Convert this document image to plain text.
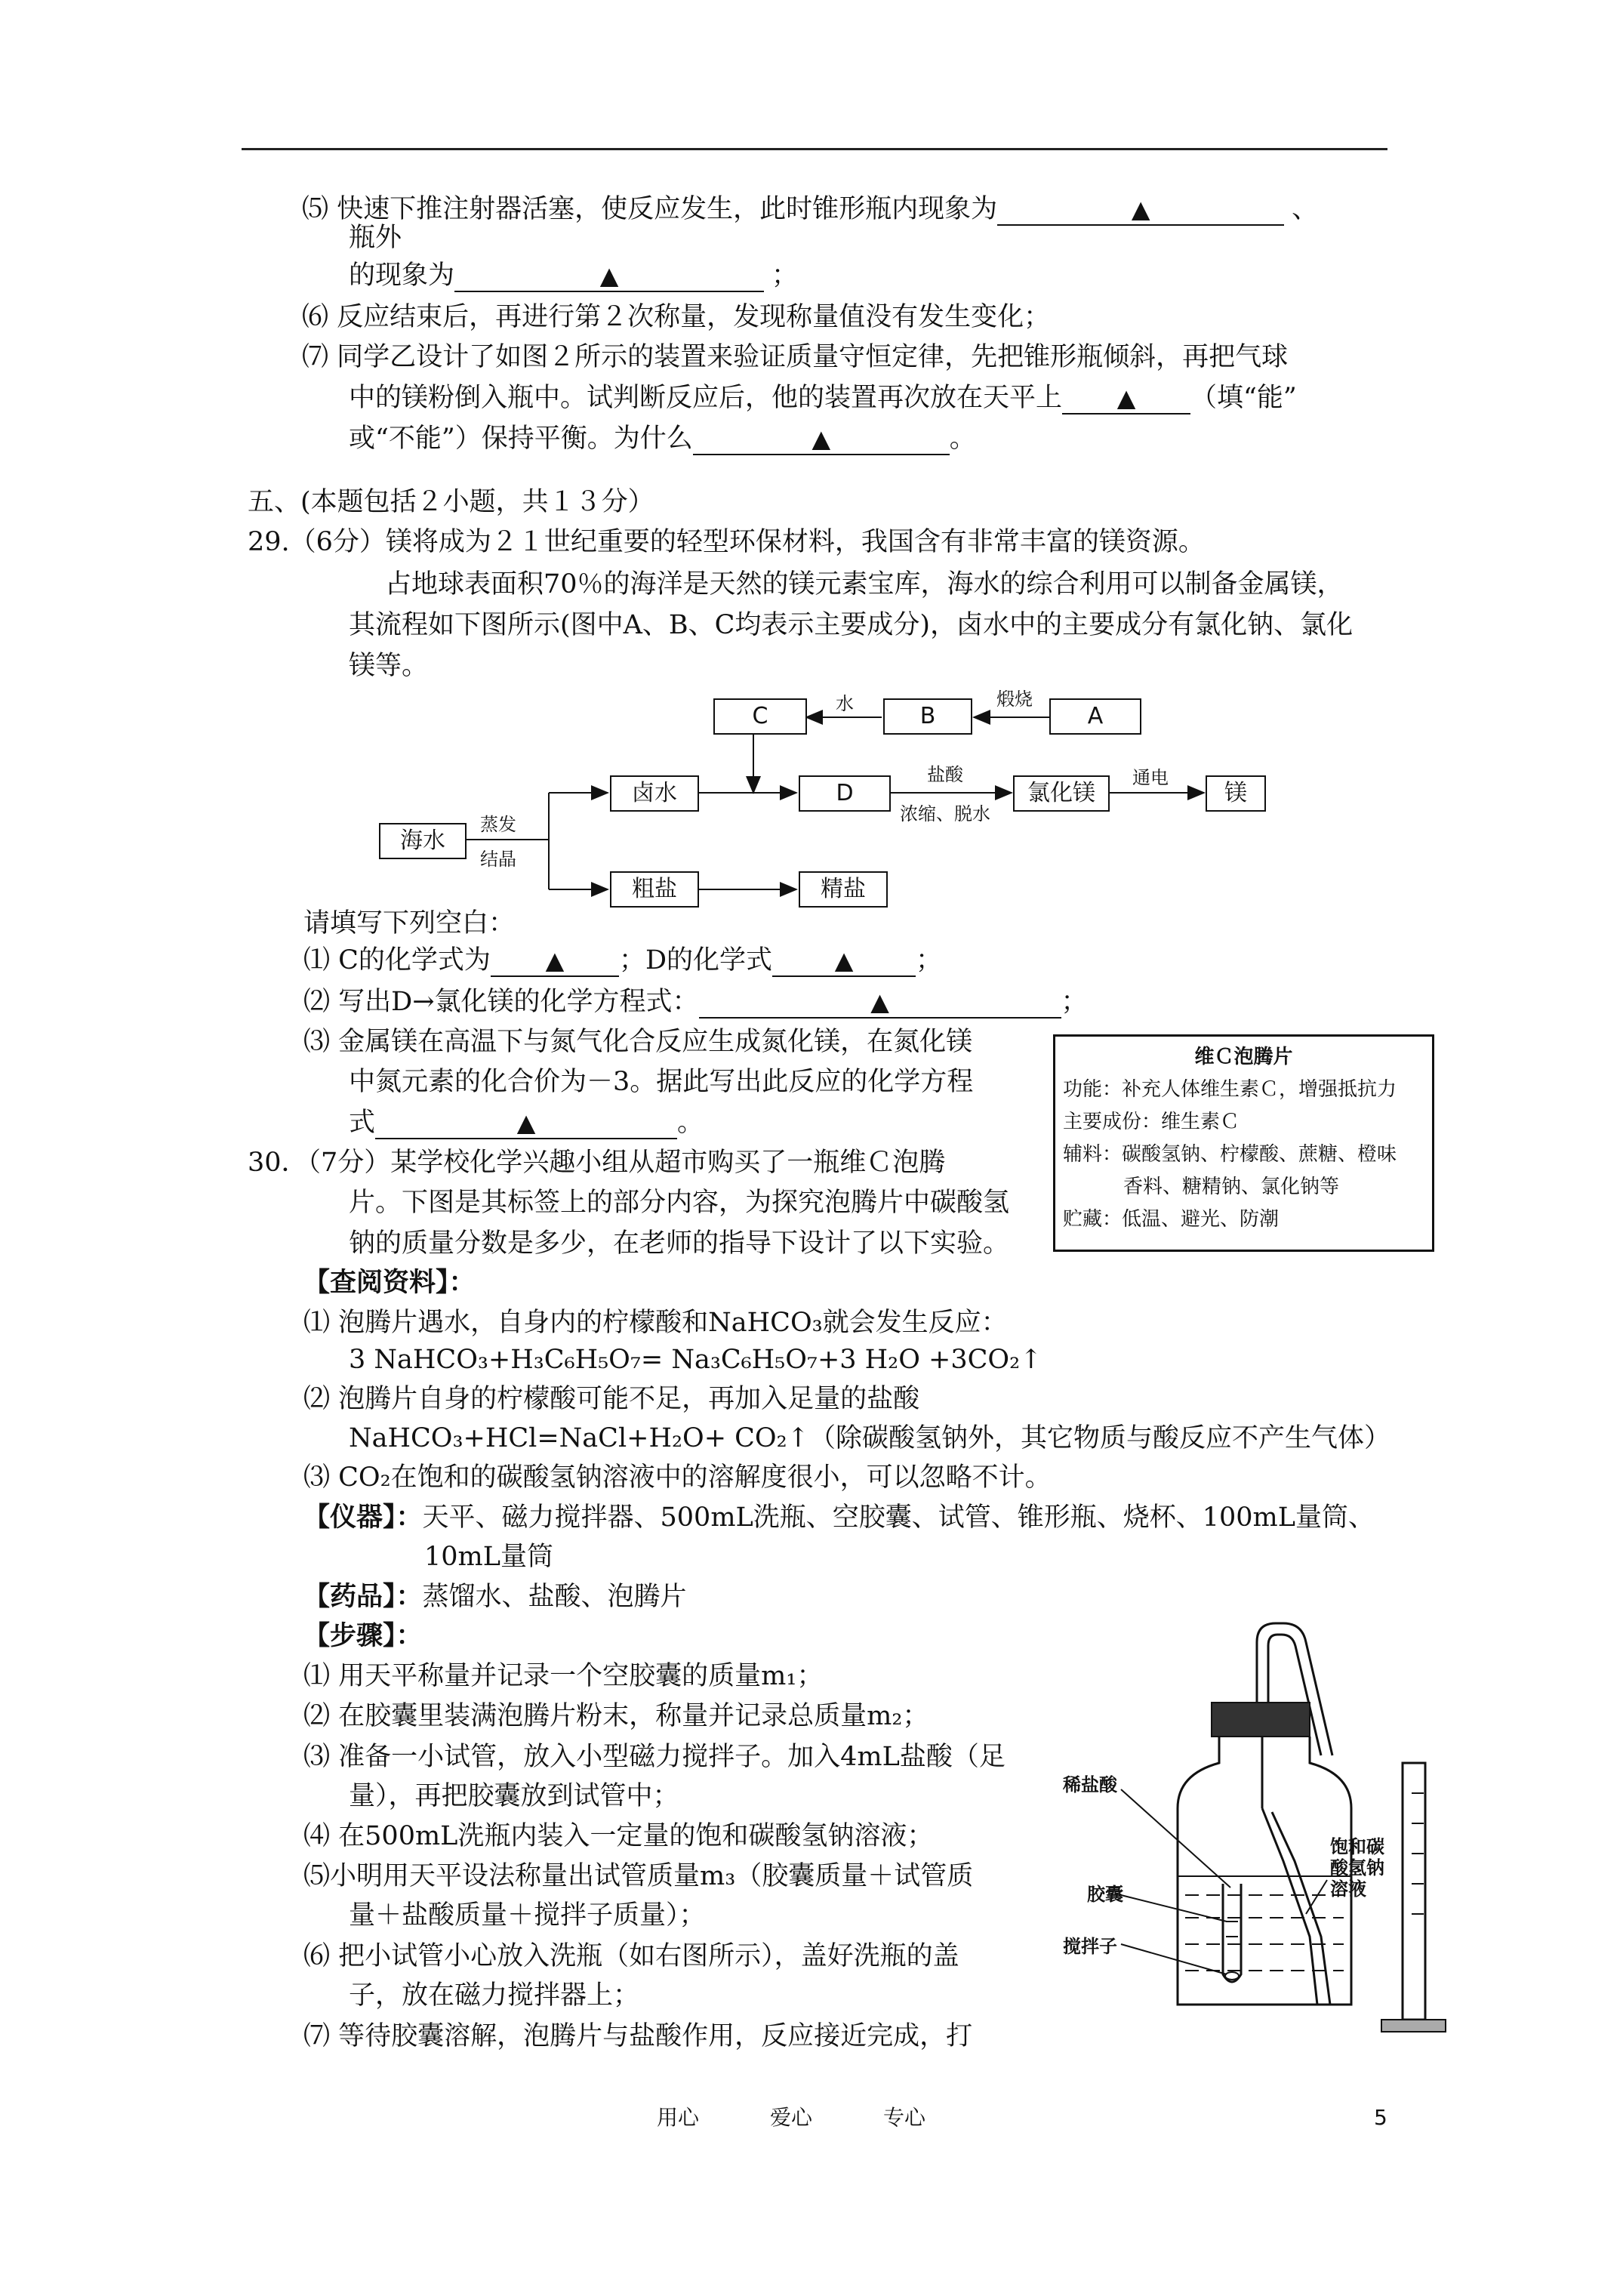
⑸ 快速下推注射器活塞，使反应发生，此时锥形瓶内现象为	▲	、
瓶外
的现象为	▲	；
⑹ 反应结束后，再进行第２次称量，发现称量值没有发生变化；
⑺ 同学乙设计了如图２所示的装置来验证质量守恒定律，先把锥形瓶倾斜，再把气球
中的镁粉倒入瓶中。试判断反应后，他的装置再次放在天平上 ▲ （填“能”
或“不能”）保持平衡。为什么	▲	。
五、(本题包括２小题，共１３分）
29.（6分）镁将成为２１世纪重要的轻型环保材料，我国含有非常丰富的镁资源。
占地球表面积70％的海洋是天然的镁元素宝库，海水的综合利用可以制备金属镁，
其流程如下图所示(图中A、B、C均表示主要成分)，卤水中的主要成分有氯化钠、氯化
镁等。
A
B
C
卤水	D	氯化镁	镁
海水
粗盐	精盐
煅烧
水
盐酸
浓缩、脱水
通电
蒸发
结晶
请填写下列空白：
⑴ C的化学式为 ▲ ；D的化学式	▲ ；
⑵ 写出D→氯化镁的化学方程式：	▲	；
⑶ 金属镁在高温下与氮气化合反应生成氮化镁，在氮化镁
中氮元素的化合价为－3。据此写出此反应的化学方程
式	▲	。
维Ｃ泡腾片
功能：补充人体维生素Ｃ，增强抵抗力
主要成份：维生素Ｃ
辅料：碳酸氢钠、柠檬酸、蔗糖、橙味
香料、糖精钠、氯化钠等
贮藏：低温、避光、防潮
30．（7分）某学校化学兴趣小组从超市购买了一瓶维Ｃ泡腾
片。下图是其标签上的部分内容，为探究泡腾片中碳酸氢
钠的质量分数是多少，在老师的指导下设计了以下实验。
【查阅资料】：
⑴ 泡腾片遇水，自身内的柠檬酸和NaHCO₃就会发生反应：
3 NaHCO₃+H₃C₆H₅O₇= Na₃C₆H₅O₇+3 H₂O +3CO₂↑
⑵ 泡腾片自身的柠檬酸可能不足，再加入足量的盐酸
NaHCO₃+HCl=NaCl+H₂O+ CO₂↑（除碳酸氢钠外，其它物质与酸反应不产生气体）
⑶ CO₂在饱和的碳酸氢钠溶液中的溶解度很小，可以忽略不计。
【仪器】：天平、磁力搅拌器、500mL洗瓶、空胶囊、试管、锥形瓶、烧杯、100mL量筒、
10mL量筒
【药品】：蒸馏水、盐酸、泡腾片
【步骤】：
⑴ 用天平称量并记录一个空胶囊的质量m₁；
⑵ 在胶囊里装满泡腾片粉末，称量并记录总质量m₂；
⑶ 准备一小试管，放入小型磁力搅拌子。加入4mL盐酸（足
量），再把胶囊放到试管中；
⑷ 在500mL洗瓶内装入一定量的饱和碳酸氢钠溶液；
⑸小明用天平设法称量出试管质量m₃（胶囊质量＋试管质
量＋盐酸质量＋搅拌子质量）；
⑹ 把小试管小心放入洗瓶（如右图所示），盖好洗瓶的盖
子，放在磁力搅拌器上；
⑺ 等待胶囊溶解，泡腾片与盐酸作用，反应接近完成，打
稀盐酸
胶囊
搅拌子
饱和碳
酸氢钠
溶液
用心	爱心	专心	5
